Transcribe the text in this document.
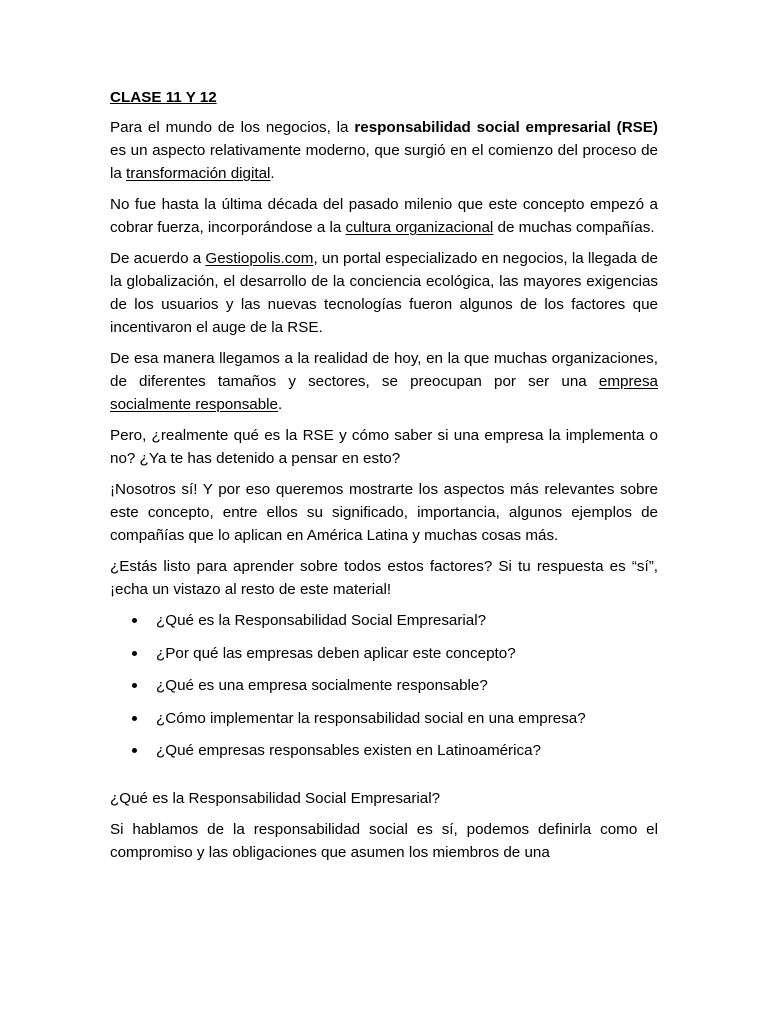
CLASE 11 Y 12

Para el mundo de los negocios, la responsabilidad social empresarial (RSE) es un aspecto relativamente moderno, que surgió en el comienzo del proceso de la transformación digital.

No fue hasta la última década del pasado milenio que este concepto empezó a cobrar fuerza, incorporándose a la cultura organizacional de muchas compañías.

De acuerdo a Gestiopolis.com, un portal especializado en negocios, la llegada de la globalización, el desarrollo de la conciencia ecológica, las mayores exigencias de los usuarios y las nuevas tecnologías fueron algunos de los factores que incentivaron el auge de la RSE.

De esa manera llegamos a la realidad de hoy, en la que muchas organizaciones, de diferentes tamaños y sectores, se preocupan por ser una empresa socialmente responsable.

Pero, ¿realmente qué es la RSE y cómo saber si una empresa la implementa o no? ¿Ya te has detenido a pensar en esto?

¡Nosotros sí! Y por eso queremos mostrarte los aspectos más relevantes sobre este concepto, entre ellos su significado, importancia, algunos ejemplos de compañías que lo aplican en América Latina y muchas cosas más.

¿Estás listo para aprender sobre todos estos factores? Si tu respuesta es “sí”, ¡echa un vistazo al resto de este material!

¿Qué es la Responsabilidad Social Empresarial?
¿Por qué las empresas deben aplicar este concepto?
¿Qué es una empresa socialmente responsable?
¿Cómo implementar la responsabilidad social en una empresa?
¿Qué empresas responsables existen en Latinoamérica?

¿Qué es la Responsabilidad Social Empresarial?

Si hablamos de la responsabilidad social es sí, podemos definirla como el compromiso y las obligaciones que asumen los miembros de una
